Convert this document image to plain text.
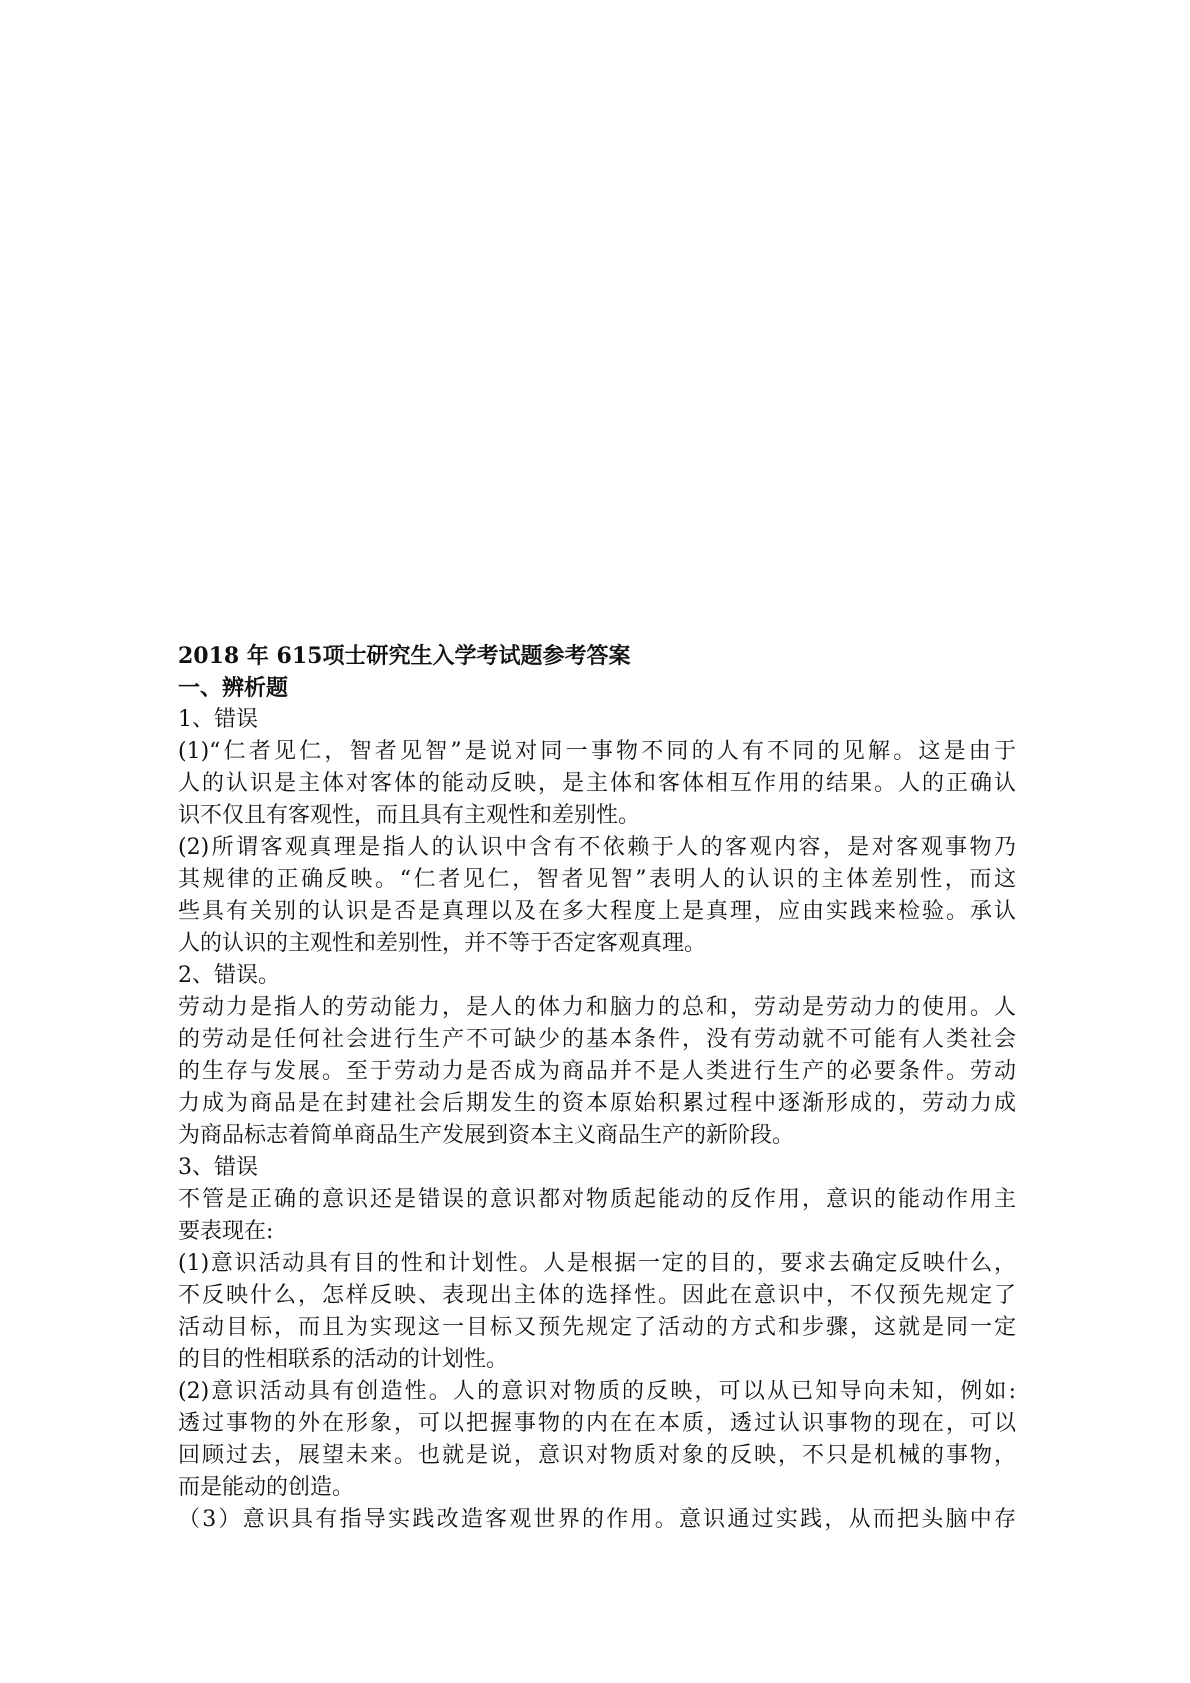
2018 年 615项士研究生入学考试题参考答案

一、辨析题

1、错误

(1)“仁者见仁，智者见智”是说对同一事物不同的人有不同的见解。这是由于

人的认识是主体对客体的能动反映，是主体和客体相互作用的结果。人的正确认

识不仅且有客观性，而且具有主观性和差别性。

(2)所谓客观真理是指人的认识中含有不依赖于人的客观内容，是对客观事物乃

其规律的正确反映。“仁者见仁，智者见智”表明人的认识的主体差别性，而这

些具有关别的认识是否是真理以及在多大程度上是真理，应由实践来检验。承认

人的认识的主观性和差别性，并不等于否定客观真理。

2、错误。

劳动力是指人的劳动能力，是人的体力和脑力的总和，劳动是劳动力的使用。人

的劳动是任何社会进行生产不可缺少的基本条件，没有劳动就不可能有人类社会

的生存与发展。至于劳动力是否成为商品并不是人类进行生产的必要条件。劳动

力成为商品是在封建社会后期发生的资本原始积累过程中逐渐形成的，劳动力成

为商品标志着简单商品生产发展到资本主义商品生产的新阶段。

3、错误

不管是正确的意识还是错误的意识都对物质起能动的反作用，意识的能动作用主

要表现在:

(1)意识活动具有目的性和计划性。人是根据一定的目的，要求去确定反映什么，

不反映什么，怎样反映、表现出主体的选择性。因此在意识中，不仅预先规定了

活动目标，而且为实现这一目标又预先规定了活动的方式和步骤，这就是同一定

的目的性相联系的活动的计划性。

(2)意识活动具有创造性。人的意识对物质的反映，可以从已知导向未知，例如:

透过事物的外在形象，可以把握事物的内在在本质，透过认识事物的现在，可以

回顾过去，展望未来。也就是说，意识对物质对象的反映，不只是机械的事物，

而是能动的创造。

（3）意识具有指导实践改造客观世界的作用。意识通过实践，从而把头脑中存
